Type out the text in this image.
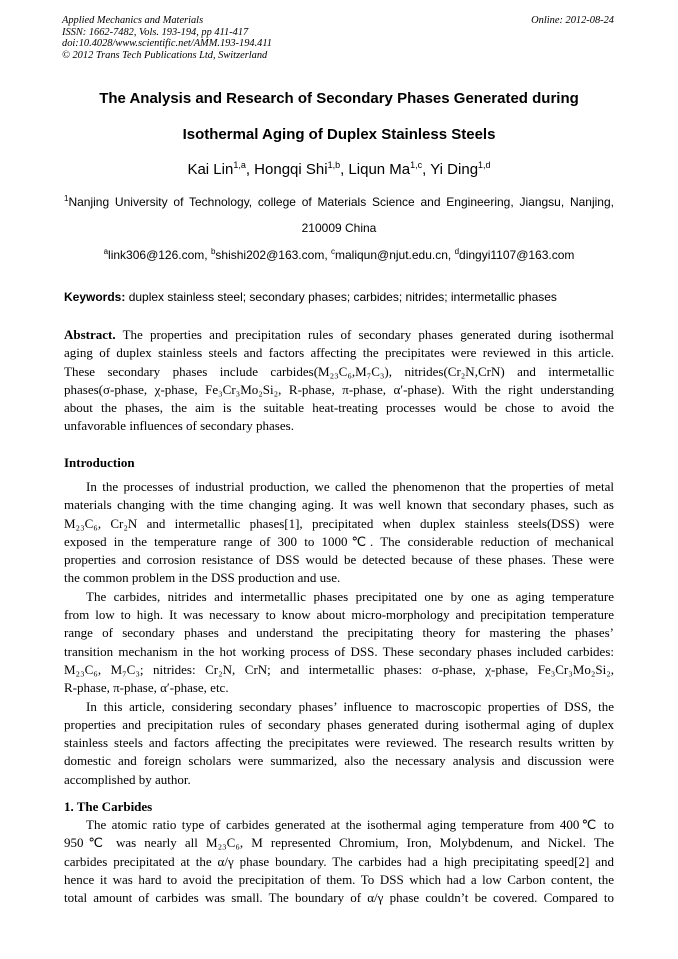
Applied Mechanics and Materials
ISSN: 1662-7482, Vols. 193-194, pp 411-417
doi:10.4028/www.scientific.net/AMM.193-194.411
© 2012 Trans Tech Publications Ltd, Switzerland
Online: 2012-08-24
The Analysis and Research of Secondary Phases Generated during
Isothermal Aging of Duplex Stainless Steels
Kai Lin$^{1,a}$, Hongqi Shi$^{1,b}$, Liqun Ma$^{1,c}$, Yi Ding$^{1,d}$
$^1$Nanjing University of Technology, college of Materials Science and Engineering, Jiangsu, Nanjing,
210009 China
$^a$link306@126.com, $^b$shishi202@163.com, $^c$maliqun@njut.edu.cn, $^d$dingyi1107@163.com
Keywords: duplex stainless steel; secondary phases; carbides; nitrides; intermetallic phases
Abstract. The properties and precipitation rules of secondary phases generated during isothermal
aging of duplex stainless steels and factors affecting the precipitates were reviewed in this article.
These secondary phases include carbides(M₂₃C₆,M₇C₃), nitrides(Cr₂N,CrN) and intermetallic
phases(σ-phase, χ-phase, Fe₃Cr₃Mo₂Si₂, R-phase, π-phase, α′-phase). With the right understanding
about the phases, the aim is the suitable heat-treating processes would be chose to avoid the
unfavorable influences of secondary phases.
Introduction
In the processes of industrial production, we called the phenomenon that the properties of metal
materials changing with the time changing aging. It was well known that secondary phases, such as
M₂₃C₆, Cr₂N and intermetallic phases[1], precipitated when duplex stainless steels(DSS) were
exposed in the temperature range of 300 to 1000℃. The considerable reduction of mechanical
properties and corrosion resistance of DSS would be detected because of these phases. These were
the common problem in the DSS production and use.
The carbides, nitrides and intermetallic phases precipitated one by one as aging temperature
from low to high. It was necessary to know about micro-morphology and precipitation temperature
range of secondary phases and understand the precipitating theory for mastering the phases’
transition mechanism in the hot working process of DSS. These secondary phases included carbides:
M₂₃C₆, M₇C₃; nitrides: Cr₂N, CrN; and intermetallic phases: σ-phase, χ-phase, Fe₃Cr₃Mo₂Si₂,
R-phase, π-phase, α′-phase, etc.
In this article, considering secondary phases’ influence to macroscopic properties of DSS, the
properties and precipitation rules of secondary phases generated during isothermal aging of duplex
stainless steels and factors affecting the precipitates were reviewed. The research results written by
domestic and foreign scholars were summarized, also the necessary analysis and discussion were
accomplished by author.
1. The Carbides
The atomic ratio type of carbides generated at the isothermal aging temperature from 400℃ to
950℃ was nearly all M₂₃C₆, M represented Chromium, Iron, Molybdenum, and Nickel. The
carbides precipitated at the α/γ phase boundary. The carbides had a high precipitating speed[2] and
hence it was hard to avoid the precipitation of them. To DSS which had a low Carbon content, the
total amount of carbides was small. The boundary of α/γ phase couldn’t be covered. Compared to
